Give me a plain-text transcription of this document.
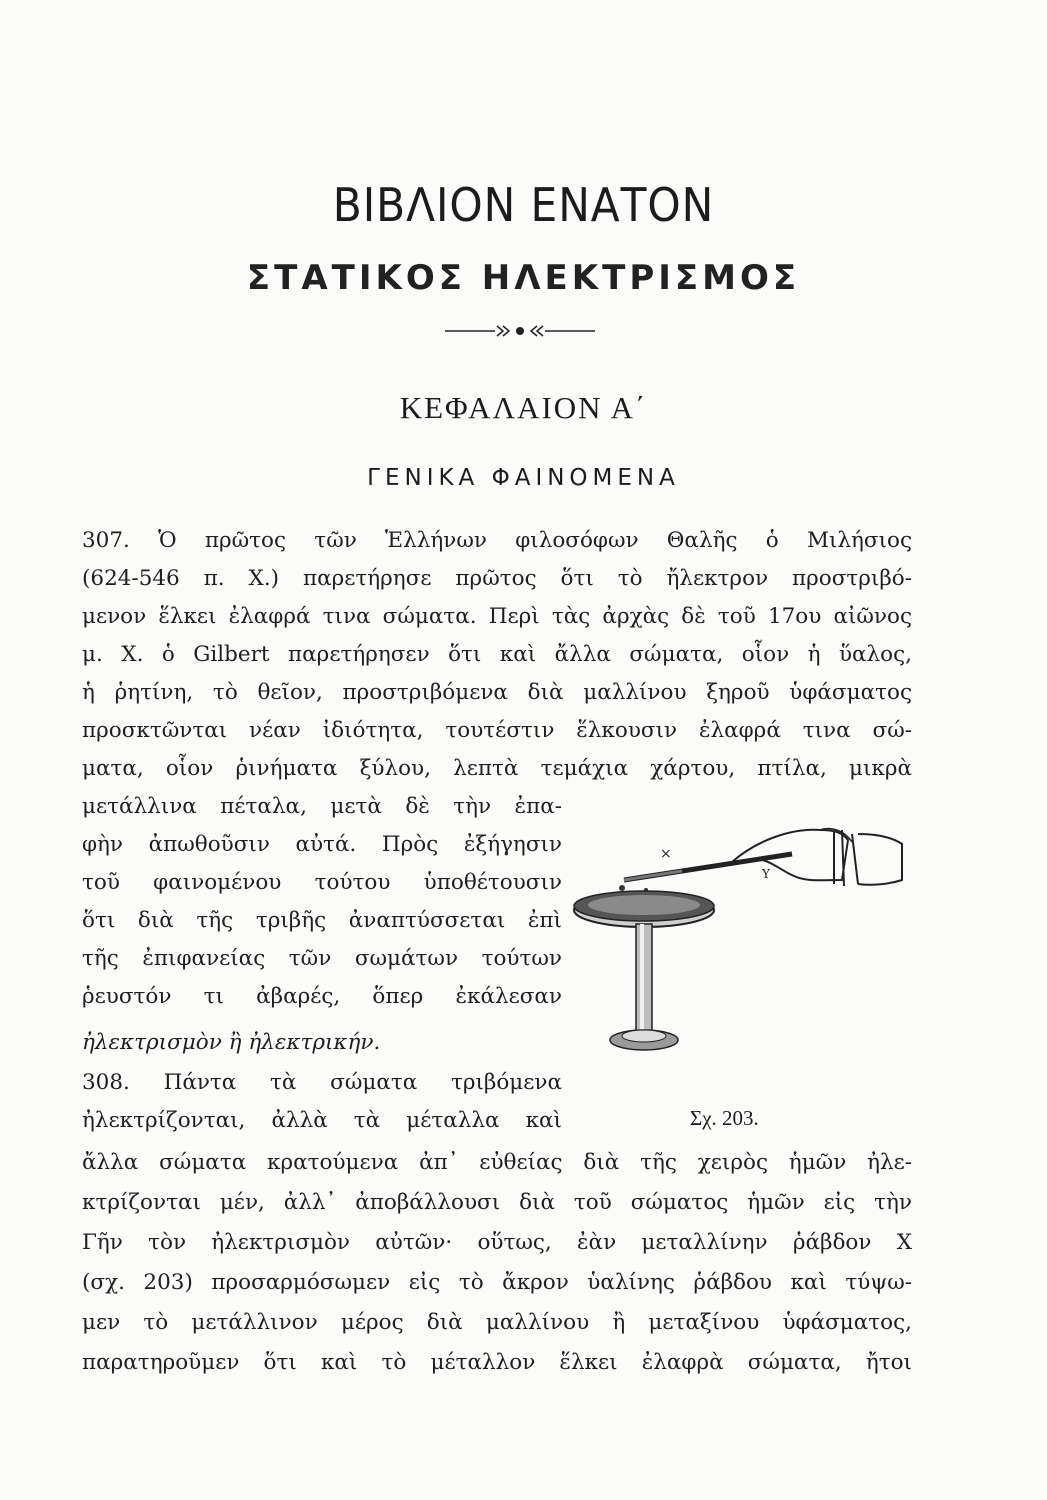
ΒΙΒΛΙΟΝ ΕΝΑΤΟΝ
ΣΤΑΤΙΚΟΣ ΗΛΕΚΤΡΙΣΜΟΣ
ΚΕΦΑΛΑΙΟΝ Α΄
ΓΕΝΙΚΑ ΦΑΙΝΟΜΕΝΑ
307. Ὁ πρῶτος τῶν Ἑλλήνων φιλοσόφων Θαλῆς ὁ Μιλήσιος
(624-546 π. Χ.) παρετήρησε πρῶτος ὅτι τὸ ἤλεκτρον προστριβό-
μενον ἕλκει ἐλαφρά τινα σώματα. Περὶ τὰς ἀρχὰς δὲ τοῦ 17ου αἰῶνος
μ. Χ. ὁ Gilbert παρετήρησεν ὅτι καὶ ἄλλα σώματα, οἷον ἡ ὕαλος,
ἡ ῥητίνη, τὸ θεῖον, προστριβόμενα διὰ μαλλίνου ξηροῦ ὑφάσματος
προσκτῶνται νέαν ἰδιότητα, τουτέστιν ἕλκουσιν ἐλαφρά τινα σώ-
ματα, οἷον ῥινήματα ξύλου, λεπτὰ τεμάχια χάρτου, πτίλα, μικρὰ
μετάλλινα πέταλα, μετὰ δὲ τὴν ἐπα-
φὴν ἀπωθοῦσιν αὐτά. Πρὸς ἐξήγησιν
τοῦ φαινομένου τούτου ὑποθέτουσιν
ὅτι διὰ τῆς τριβῆς ἀναπτύσσεται ἐπὶ
τῆς ἐπιφανείας τῶν σωμάτων τούτων
ῥευστόν τι ἀβαρές, ὅπερ ἐκάλεσαν
ἠλεκτρισμὸν ἢ ἠλεκτρικήν.
308. Πάντα τὰ σώματα τριβόμενα
ἠλεκτρίζονται, ἀλλὰ τὰ μέταλλα καὶ
ἄλλα σώματα κρατούμενα ἀπ᾽ εὐθείας διὰ τῆς χειρὸς ἡμῶν ἠλε-
κτρίζονται μέν, ἀλλ᾽ ἀποβάλλουσι διὰ τοῦ σώματος ἡμῶν εἰς τὴν
Γῆν τὸν ἠλεκτρισμὸν αὐτῶν· οὕτως, ἐὰν μεταλλίνην ῥάβδον Χ
(σχ. 203) προσαρμόσωμεν εἰς τὸ ἄκρον ὑαλίνης ῥάβδου καὶ τύψω-
μεν τὸ μετάλλινον μέρος διὰ μαλλίνου ἢ μεταξίνου ὑφάσματος,
παρατηροῦμεν ὅτι καὶ τὸ μέταλλον ἕλκει ἐλαφρὰ σώματα, ἤτοι
×
Υ
Σχ. 203.
